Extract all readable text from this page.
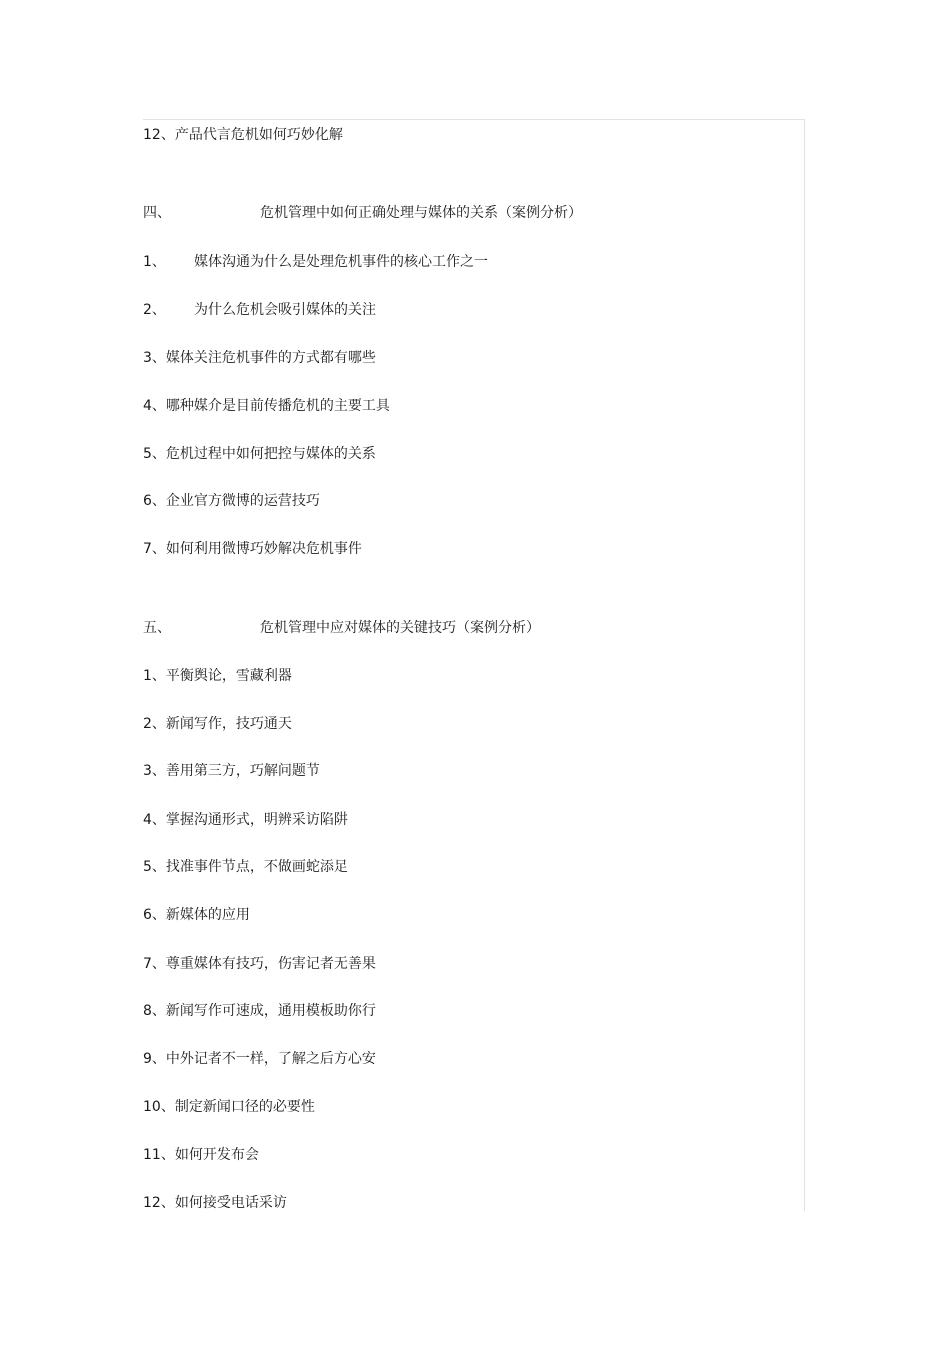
12、产品代言危机如何巧妙化解
四、	危机管理中如何正确处理与媒体的关系（案例分析）
1、 媒体沟通为什么是处理危机事件的核心工作之一
2、 为什么危机会吸引媒体的关注
3、媒体关注危机事件的方式都有哪些
4、哪种媒介是目前传播危机的主要工具
5、危机过程中如何把控与媒体的关系
6、企业官方微博的运营技巧
7、如何利用微博巧妙解决危机事件
五、	危机管理中应对媒体的关键技巧（案例分析）
1、平衡舆论，雪藏利器
2、新闻写作，技巧通天
3、善用第三方，巧解问题节
4、掌握沟通形式，明辨采访陷阱
5、找准事件节点，不做画蛇添足
6、新媒体的应用
7、尊重媒体有技巧，伤害记者无善果
8、新闻写作可速成，通用模板助你行
9、中外记者不一样，了解之后方心安
10、制定新闻口径的必要性
11、如何开发布会
12、如何接受电话采访
